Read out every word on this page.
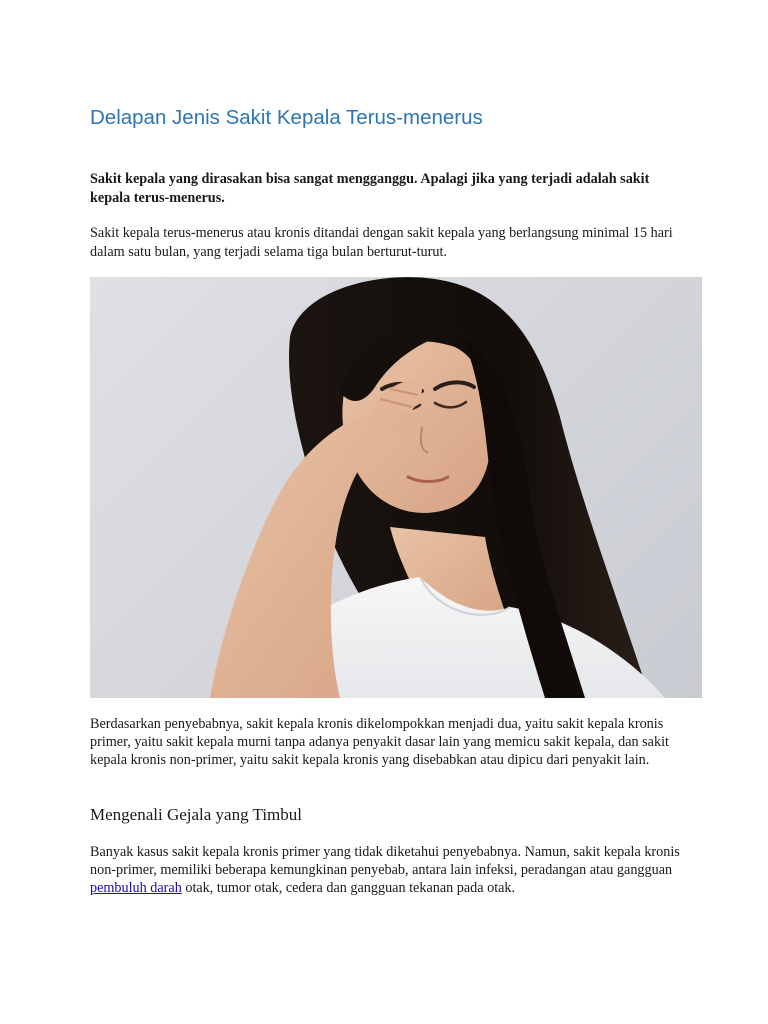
Delapan Jenis Sakit Kepala Terus-menerus

Sakit kepala yang dirasakan bisa sangat mengganggu. Apalagi jika yang terjadi adalah sakit kepala terus-menerus.

Sakit kepala terus-menerus atau kronis ditandai dengan sakit kepala yang berlangsung minimal 15 hari dalam satu bulan, yang terjadi selama tiga bulan berturut-turut.

Berdasarkan penyebabnya, sakit kepala kronis dikelompokkan menjadi dua, yaitu sakit kepala kronis primer, yaitu sakit kepala murni tanpa adanya penyakit dasar lain yang memicu sakit kepala, dan sakit kepala kronis non-primer, yaitu sakit kepala kronis yang disebabkan atau dipicu dari penyakit lain.

Mengenali Gejala yang Timbul

Banyak kasus sakit kepala kronis primer yang tidak diketahui penyebabnya. Namun, sakit kepala kronis non-primer, memiliki beberapa kemungkinan penyebab, antara lain infeksi, peradangan atau gangguan pembuluh darah otak, tumor otak, cedera dan gangguan tekanan pada otak.
